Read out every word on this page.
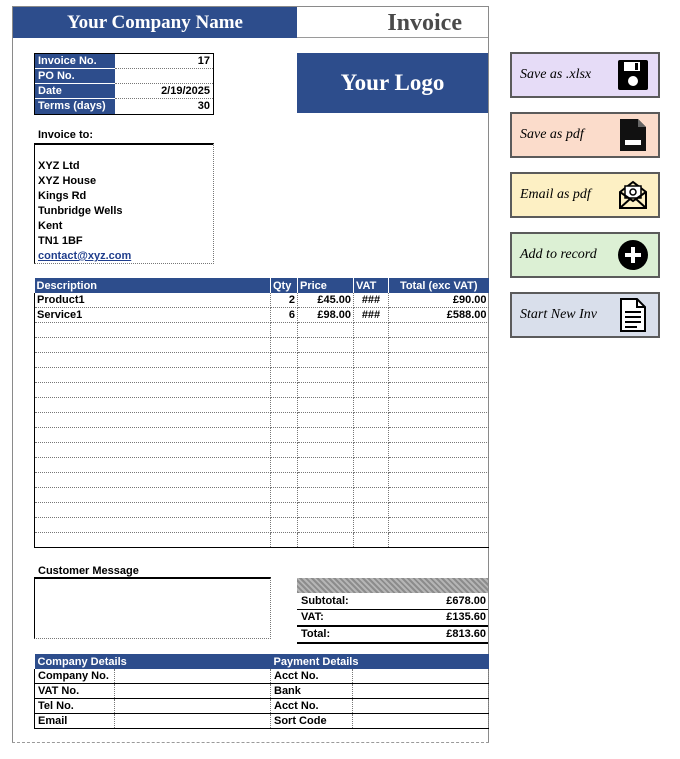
Your Company Name	Invoice
Invoice No.	17
PO No.
Date	2/19/2025
Terms (days)	30
Your Logo
Invoice to:
XYZ Ltd
XYZ House
Kings Rd
Tunbridge Wells
Kent
TN1 1BF
contact@xyz.com
Description	Qty	Price	VAT	Total (exc VAT)
Product1	2	£45.00	###	£90.00
Service1	6	£98.00	###	£588.00

Customer Message
Subtotal:	£678.00
VAT:	£135.60
Total:	£813.60
Company Details		Payment Details	
Company No.		Acct No.	
VAT No.		Bank	
Tel No.		Acct No.	
Email		Sort Code	
Save as .xlsx
Save as pdf
Email as pdf
Add to record
Start New Inv
